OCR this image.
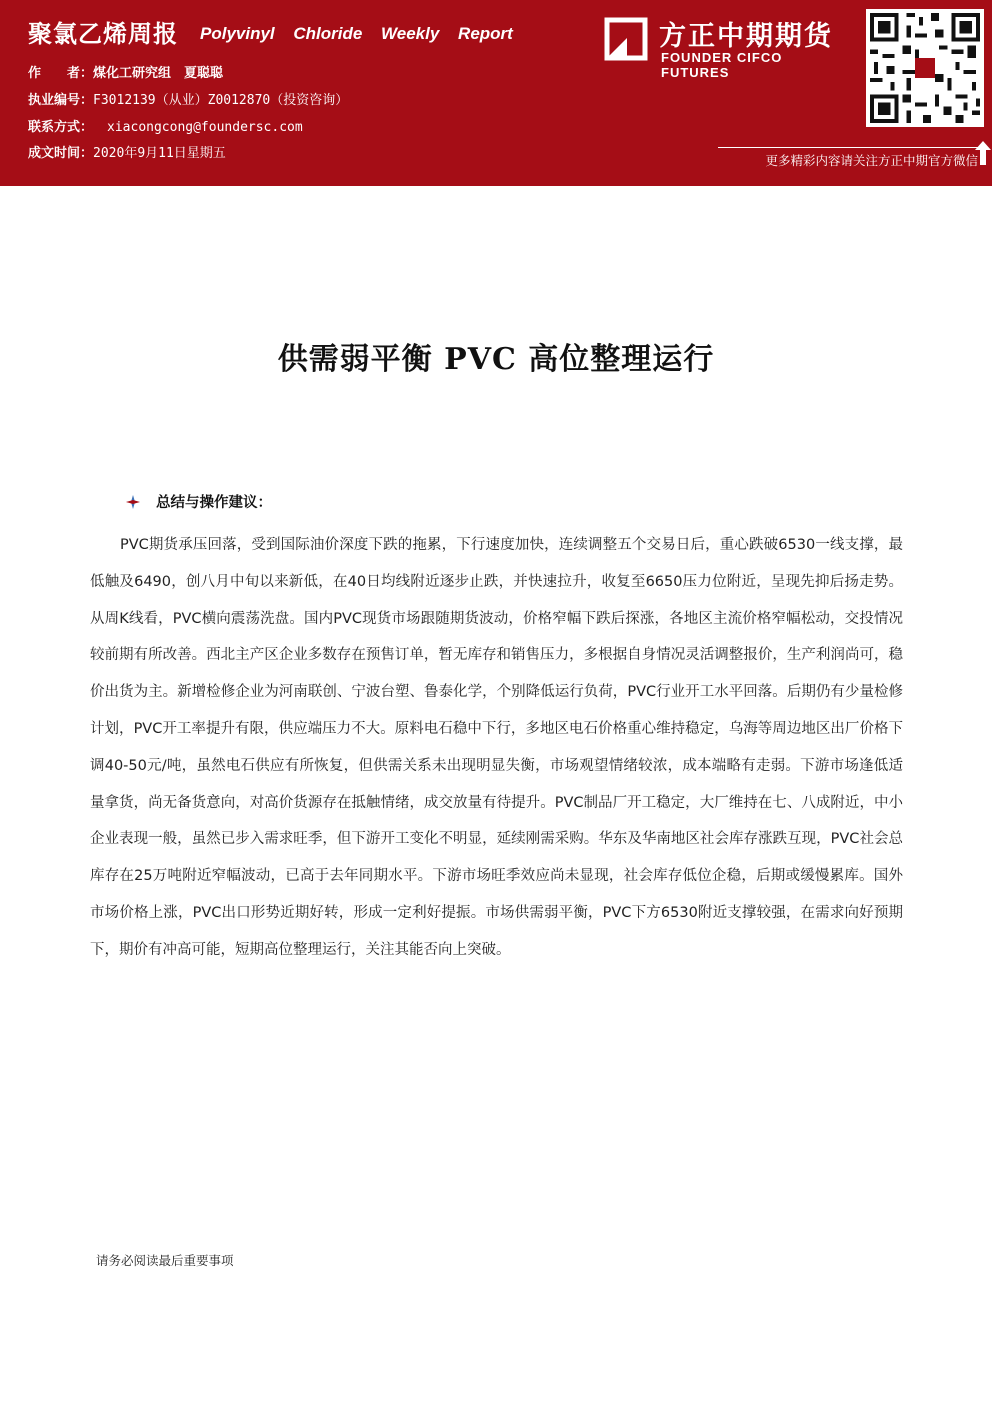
聚氯乙烯周报 Polyvinyl Chloride Weekly Report
作　　者：煤化工研究组　夏聪聪
执业编号：F3012139（从业）Z0012870（投资咨询）
联系方式： xiacongcong@foundersc.com
成文时间：2020年9月11日星期五
方正中期期货
FOUNDER CIFCO FUTURES
更多精彩内容请关注方正中期官方微信
供需弱平衡 PVC 高位整理运行
总结与操作建议：
PVC期货承压回落，受到国际油价深度下跌的拖累，下行速度加快，连续调整五个交易日后，重心跌破6530一线支撑，最低触及6490，创八月中旬以来新低，在40日均线附近逐步止跌，并快速拉升，收复至6650压力位附近，呈现先抑后扬走势。从周K线看，PVC横向震荡洗盘。国内PVC现货市场跟随期货波动，价格窄幅下跌后探涨，各地区主流价格窄幅松动，交投情况较前期有所改善。西北主产区企业多数存在预售订单，暂无库存和销售压力，多根据自身情况灵活调整报价，生产利润尚可，稳价出货为主。新增检修企业为河南联创、宁波台塑、鲁泰化学，个别降低运行负荷，PVC行业开工水平回落。后期仍有少量检修计划，PVC开工率提升有限，供应端压力不大。原料电石稳中下行，多地区电石价格重心维持稳定，乌海等周边地区出厂价格下调40-50元/吨，虽然电石供应有所恢复，但供需关系未出现明显失衡，市场观望情绪较浓，成本端略有走弱。下游市场逢低适量拿货，尚无备货意向，对高价货源存在抵触情绪，成交放量有待提升。PVC制品厂开工稳定，大厂维持在七、八成附近，中小企业表现一般，虽然已步入需求旺季，但下游开工变化不明显，延续刚需采购。华东及华南地区社会库存涨跌互现，PVC社会总库存在25万吨附近窄幅波动，已高于去年同期水平。下游市场旺季效应尚未显现，社会库存低位企稳，后期或缓慢累库。国外市场价格上涨，PVC出口形势近期好转，形成一定利好提振。市场供需弱平衡，PVC下方6530附近支撑较强，在需求向好预期下，期价有冲高可能，短期高位整理运行，关注其能否向上突破。
请务必阅读最后重要事项
